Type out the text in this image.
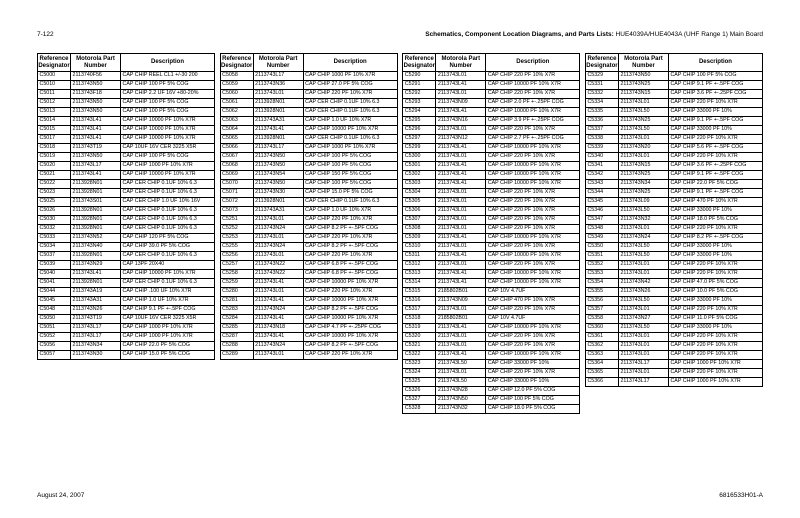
7-122	Schematics, Component Location Diagrams, and Parts Lists: HUE4039A/HUE4043A (UHF Range 1) Main Board
Reference Designator	Motorola Part Number	Description
C5000	2113740F56	CAP CHIP REEL CL1 +/-30 200
C5010	2113743N50	CAP CHIP 100 PF 5% COG
C5011	2113743F18	CAP CHIP 2.2 UF 16V +80-20%
C5012	2113743N50	CAP CHIP 100 PF 5% COG
C5013	2113743N50	CAP CHIP 100 PF 5% COG
C5014	2113743L41	CAP CHIP 10000 PF 10% X7R
C5015	2113743L41	CAP CHIP 10000 PF 10% X7R
C5017	2113743L41	CAP CHIP 10000 PF 10% X7R
C5018	2113743T19	CAP 10UF 16V CER 3225 X5R
C5019	2113743N50	CAP CHIP 100 PF 5% COG
C5020	2113743L17	CAP CHIP 1000 PF 10% X7R
C5021	2113743L41	CAP CHIP 10000 PF 10% X7R
C5022	2113928N01	CAP CER CHIP 0.1UF 10% 6.3
C5023	2113928N01	CAP CER CHIP 0.1UF 10% 6.3
C5025	2113743S01	CAP CER CHIP 1.0 UF 10% 16V
C5026	2113928N01	CAP CER CHIP 0.1UF 10% 6.3
C5030	2113928N01	CAP CER CHIP 0.1UF 10% 6.3
C5032	2113928N01	CAP CER CHIP 0.1UF 10% 6.3
C5033	2113743N52	CAP CHIP 120 PF 5% COG
C5034	2113743N40	CAP CHIP 39.0 PF 5% COG
C5037	2113928N01	CAP CER CHIP 0.1UF 10% 6.3
C5039	2113743N29	CAP 13PF 20X40
C5040	2113743L41	CAP CHIP 10000 PF 10% X7R
C5041	2113928N01	CAP CER CHIP 0.1UF 10% 6.3
C5044	2113743A19	CAP CHIP .100 UF 10% X7R
C5045	2113743A31	CAP CHIP 1.0 UF 10% X7R
C5048	2113743N26	CAP CHIP 9.1 PF +-.5PF COG
C5050	2113743T19	CAP 10UF 16V CER 3225 X5R
C5051	2113743L17	CAP CHIP 1000 PF 10% X7R
C5052	2113743L17	CAP CHIP 1000 PF 10% X7R
C5056	2113743N34	CAP CHIP 22.0 PF 5% COG
C5057	2113743N30	CAP CHIP 15.0 PF 5% COG
Reference Designator	Motorola Part Number	Description
C5058	2113743L17	CAP CHIP 1000 PF 10% X7R
C5059	2113743N36	CAP CHIP 27.0 PF 5% COG
C5060	2113743L01	CAP CHIP 220 PF 10% X7R
C5061	2113928N01	CAP CER CHIP 0.1UF 10% 6.3
C5062	2113928N01	CAP CER CHIP 0.1UF 10% 6.3
C5063	2113743A31	CAP CHIP 1.0 UF 10% X7R
C5064	2113743L41	CAP CHIP 10000 PF 10% X7R
C5065	2113928N01	CAP CER CHIP 0.1UF 10% 6.3
C5066	2113743L17	CAP CHIP 1000 PF 10% X7R
C5067	2113743N50	CAP CHIP 100 PF 5% COG
C5068	2113743N50	CAP CHIP 100 PF 5% COG
C5069	2113743N54	CAP CHIP 150 PF 5% COG
C5070	2113743N50	CAP CHIP 100 PF 5% COG
C5071	2113743N30	CAP CHIP 15.0 PF 5% COG
C5072	2113928N01	CAP CER CHIP 0.1UF 10% 6.3
C5073	2113743A31	CAP CHIP 1.0 UF 10% X7R
C5251	2113743L01	CAP CHIP 220 PF 10% X7R
C5252	2113743N24	CAP CHIP 8.2 PF +-.5PF COG
C5253	2113743L01	CAP CHIP 220 PF 10% X7R
C5255	2113743N24	CAP CHIP 8.2 PF +-.5PF COG
C5256	2113743L01	CAP CHIP 220 PF 10% X7R
C5257	2113743N22	CAP CHIP 6.8 PF +-.5PF COG
C5258	2113743N22	CAP CHIP 6.8 PF +-.5PF COG
C5259	2113743L41	CAP CHIP 10000 PF 10% X7R
C5280	2113743L01	CAP CHIP 220 PF 10% X7R
C5281	2113743L41	CAP CHIP 10000 PF 10% X7R
C5283	2113743N24	CAP CHIP 8.2 PF +-.5PF COG
C5284	2113743L41	CAP CHIP 10000 PF 10% X7R
C5285	2113743N18	CAP CHIP 4.7 PF +-.25PF COG
C5287	2113743L41	CAP CHIP 10000 PF 10% X7R
C5288	2113743N24	CAP CHIP 8.2 PF +-.5PF COG
C5289	2113743L01	CAP CHIP 220 PF 10% X7R
Reference Designator	Motorola Part Number	Description
C5290	2113743L01	CAP CHIP 220 PF 10% X7R
C5291	2113743L41	CAP CHIP 10000 PF 10% X7R
C5292	2113743L01	CAP CHIP 220 PF 10% X7R
C5293	2113743N09	CAP CHIP 2.0 PF +-.25PF COG
C5294	2113743L41	CAP CHIP 10000 PF 10% X7R
C5295	2113743N16	CAP CHIP 3.9 PF +-.25PF COG
C5296	2113743L01	CAP CHIP 220 PF 10% X7R
C5297	2113743N12	CAP CHIP 2.7 PF +-.25PF COG
C5299	2113743L41	CAP CHIP 10000 PF 10% X7R
C5300	2113743L01	CAP CHIP 220 PF 10% X7R
C5301	2113743L41	CAP CHIP 10000 PF 10% X7R
C5302	2113743L41	CAP CHIP 10000 PF 10% X7R
C5303	2113743L41	CAP CHIP 10000 PF 10% X7R
C5304	2113743L01	CAP CHIP 220 PF 10% X7R
C5305	2113743L01	CAP CHIP 220 PF 10% X7R
C5306	2113743L01	CAP CHIP 220 PF 10% X7R
C5307	2113743L01	CAP CHIP 220 PF 10% X7R
C5308	2113743L01	CAP CHIP 220 PF 10% X7R
C5309	2113743L41	CAP CHIP 10000 PF 10% X7R
C5310	2113743L01	CAP CHIP 220 PF 10% X7R
C5311	2113743L41	CAP CHIP 10000 PF 10% X7R
C5312	2113743L01	CAP CHIP 220 PF 10% X7R
C5313	2113743L41	CAP CHIP 10000 PF 10% X7R
C5314	2113743L41	CAP CHIP 10000 PF 10% X7R
C5315	2185802B01	CAP 10V 4.7UF
C5316	2113743N09	CAP CHIP 470 PF 10% X7R
C5317	2113743L01	CAP CHIP 220 PF 10% X7R
C5318	2185802B01	CAP 10V 4.7UF
C5319	2113743L41	CAP CHIP 10000 PF 10% X7R
C5320	2113743L01	CAP CHIP 220 PF 10% X7R
C5321	2113743L01	CAP CHIP 220 PF 10% X7R
C5322	2113743L41	CAP CHIP 10000 PF 10% X7R
C5323	2113743L50	CAP CHIP 33000 PF 10%
C5324	2113743L01	CAP CHIP 220 PF 10% X7R
C5325	2113743L50	CAP CHIP 33000 PF 10%
C5326	2113743N28	CAP CHIP 12.0 PF 5% COG
C5327	2113743N50	CAP CHIP 100 PF 5% COG
C5328	2113743N32	CAP CHIP 18.0 PF 5% COG
Reference Designator	Motorola Part Number	Description
C5329	2113743N50	CAP CHIP 100 PF 5% COG
C5331	2113743N25	CAP CHIP 9.1 PF +-.5PF COG
C5332	2113743N15	CAP CHIP 3.6 PF +-.25PF COG
C5334	2113743L01	CAP CHIP 220 PF 10% X7R
C5335	2113743L50	CAP CHIP 33000 PF 10%
C5336	2113743N25	CAP CHIP 9.1 PF +-.5PF COG
C5337	2113743L50	CAP CHIP 33000 PF 10%
C5338	2113743L01	CAP CHIP 220 PF 10% X7R
C5339	2113743N20	CAP CHIP 5.6 PF +-.5PF COG
C5340	2113743L01	CAP CHIP 220 PF 10% X7R
C5341	2113743N15	CAP CHIP 3.6 PF +-.25PF COG
C5342	2113743N25	CAP CHIP 9.1 PF +-.5PF COG
C5343	2113743N34	CAP CHIP 22.0 PF 5% COG
C5344	2113743N25	CAP CHIP 9.1 PF +-.5PF COG
C5345	2113743L09	CAP CHIP 470 PF 10% X7R
C5346	2113743L50	CAP CHIP 33000 PF 10%
C5347	2113743N32	CAP CHIP 18.0 PF 5% COG
C5348	2113743L01	CAP CHIP 220 PF 10% X7R
C5349	2113743N24	CAP CHIP 8.2 PF +-.5PF COG
C5350	2113743L50	CAP CHIP 33000 PF 10%
C5351	2113743L50	CAP CHIP 33000 PF 10%
C5352	2113743L01	CAP CHIP 220 PF 10% X7R
C5353	2113743L01	CAP CHIP 220 PF 10% X7R
C5354	2113743N42	CAP CHIP 47.0 PF 5% COG
C5355	2113743N26	CAP CHIP 10.0 PF 5% COG
C5356	2113743L50	CAP CHIP 33000 PF 10%
C5357	2113743L01	CAP CHIP 220 PF 10% X7R
C5358	2113743N27	CAP CHIP 11.0 PF 5% COG
C5360	2113743L50	CAP CHIP 33000 PF 10%
C5361	2113743L01	CAP CHIP 220 PF 10% X7R
C5362	2113743L01	CAP CHIP 220 PF 10% X7R
C5363	2113743L01	CAP CHIP 220 PF 10% X7R
C5364	2113743L17	CAP CHIP 1000 PF 10% X7R
C5365	2113743L01	CAP CHIP 220 PF 10% X7R
C5366	2113743L17	CAP CHIP 1000 PF 10% X7R
August 24, 2007	6816533H01-A
